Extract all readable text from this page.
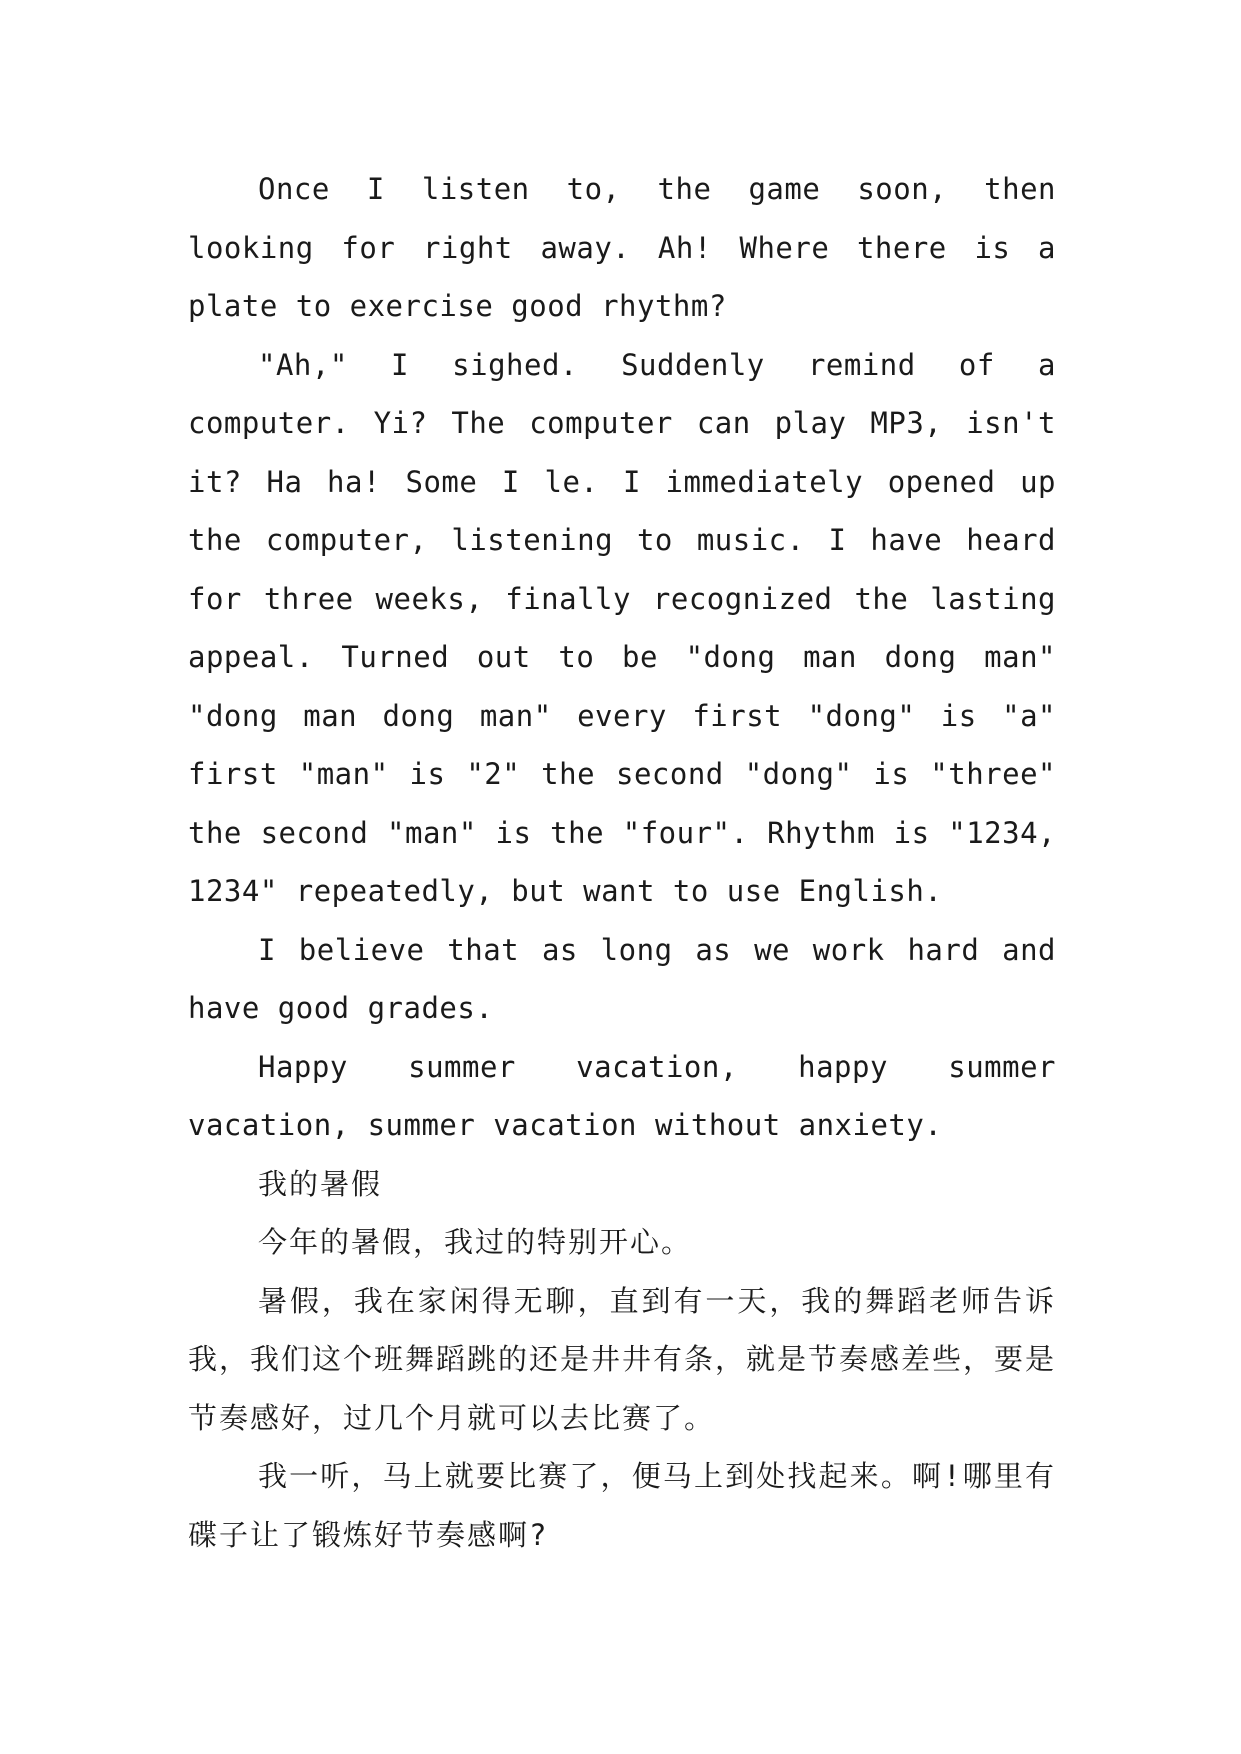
Once I listen to, the game soon, then looking for right away. Ah! Where there is a plate to exercise good rhythm?

"Ah," I sighed. Suddenly remind of a computer. Yi? The computer can play MP3, isn't it? Ha ha! Some I le. I immediately opened up the computer, listening to music. I have heard for three weeks, finally recognized the lasting appeal. Turned out to be "dong man dong man" "dong man dong man" every first "dong" is "a" first "man" is "2" the second "dong" is "three" the second "man" is the "four". Rhythm is "1234, 1234" repeatedly, but want to use English.

I believe that as long as we work hard and have good grades.

Happy summer vacation, happy summer vacation, summer vacation without anxiety.

我的暑假

今年的暑假，我过的特别开心。

暑假，我在家闲得无聊，直到有一天，我的舞蹈老师告诉我，我们这个班舞蹈跳的还是井井有条，就是节奏感差些，要是节奏感好，过几个月就可以去比赛了。

我一听，马上就要比赛了，便马上到处找起来。啊!哪里有碟子让了锻炼好节奏感啊?
